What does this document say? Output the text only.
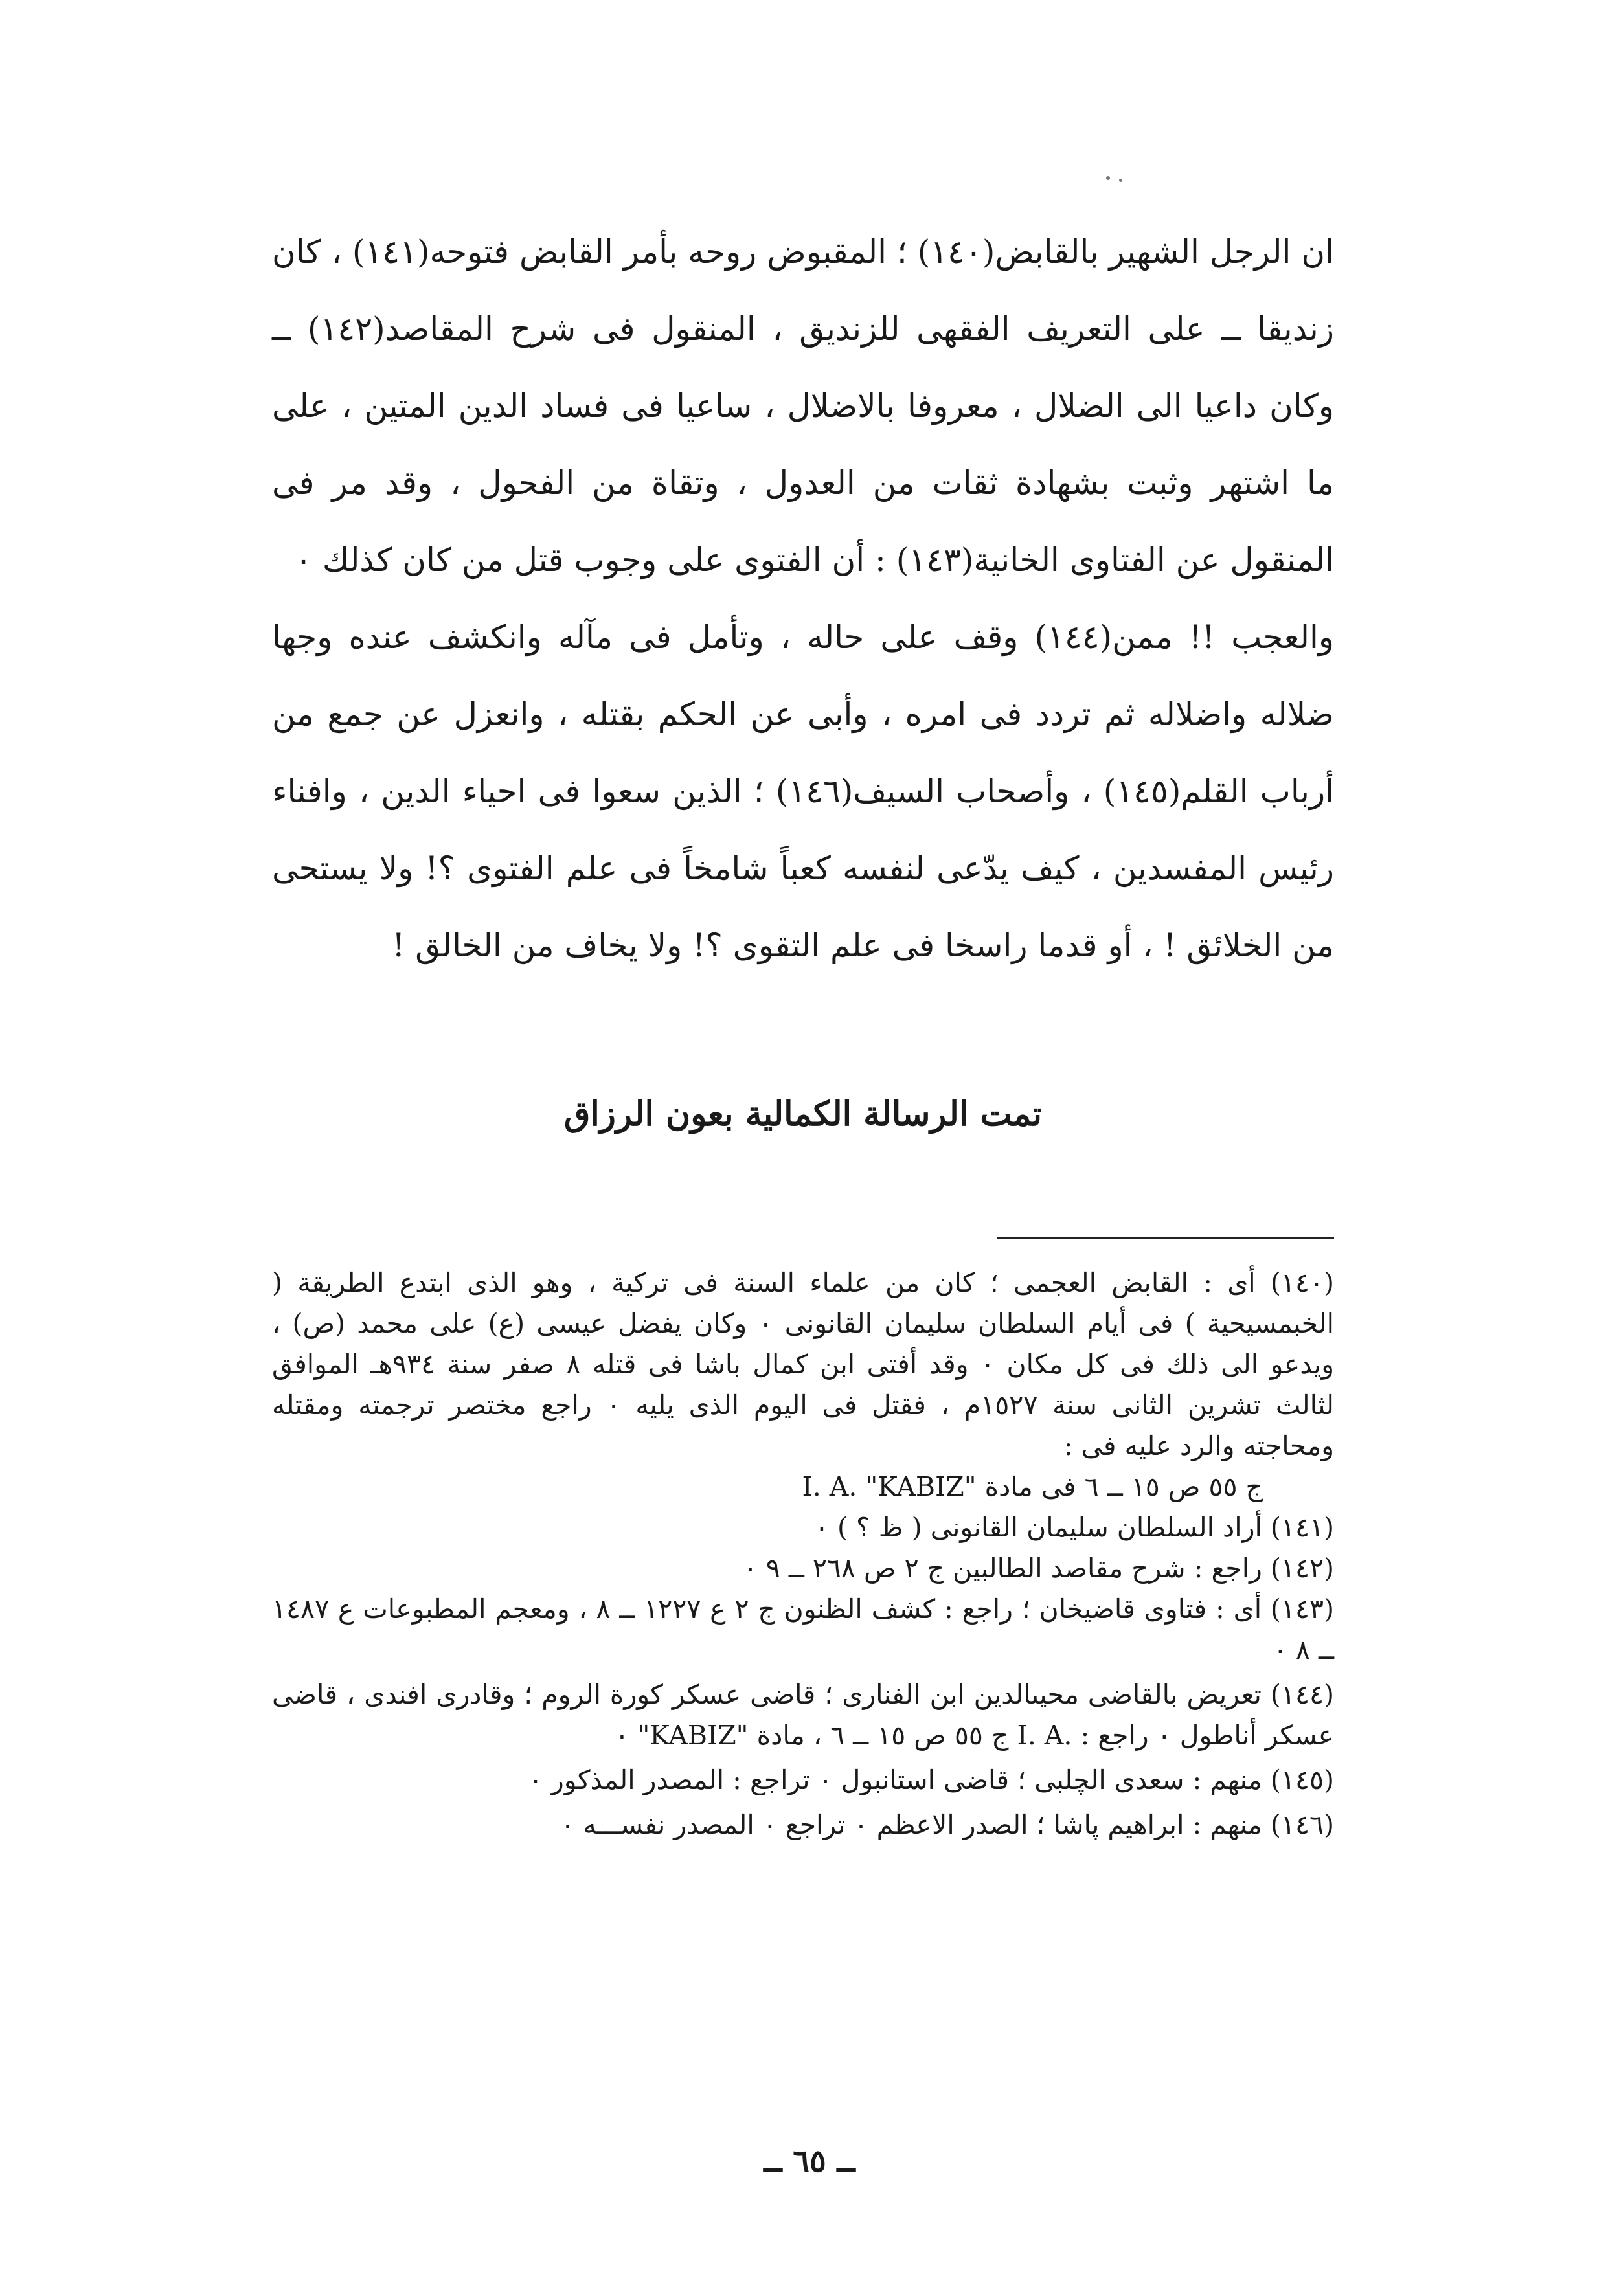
ان الرجل الشهير بالقابض(١٤٠) ؛ المقبوض روحه بأمر القابض فتوحه(١٤١) ، كان زنديقا ــ على التعريف الفقهى للزنديق ، المنقول فى شرح المقاصد(١٤٢) ــ وكان داعيا الى الضلال ، معروفا بالاضلال ، ساعيا فى فساد الدين المتين ، على ما اشتهر وثبت بشهادة ثقات من العدول ، وتقاة من الفحول ، وقد مر فى المنقول عن الفتاوى الخانية(١٤٣) : أن الفتوى على وجوب قتل من كان كذلك ٠

والعجب !! ممن(١٤٤) وقف على حاله ، وتأمل فى مآله وانكشف عنده وجها ضلاله واضلاله ثم تردد فى امره ، وأبى عن الحكم بقتله ، وانعزل عن جمع من أرباب القلم(١٤٥) ، وأصحاب السيف(١٤٦) ؛ الذين سعوا فى احياء الدين ، وافناء رئيس المفسدين ، كيف يدّعى لنفسه كعباً شامخاً فى علم الفتوى ؟! ولا يستحى من الخلائق ! ، أو قدما راسخا فى علم التقوى ؟! ولا يخاف من الخالق !

تمت الرسالة الكمالية بعون الرزاق

(١٤٠) أى : القابض العجمى ؛ كان من علماء السنة فى تركية ، وهو الذى ابتدع الطريقة ( الخبمسيحية ) فى أيام السلطان سليمان القانونى ٠ وكان يفضل عيسى (ع) على محمد (ص) ، ويدعو الى ذلك فى كل مكان ٠ وقد أفتى ابن كمال باشا فى قتله ٨ صفر سنة ٩٣٤هـ الموافق لثالث تشرين الثانى سنة ١٥٢٧م ، فقتل فى اليوم الذى يليه ٠ راجع مختصر ترجمته ومقتله ومحاجته والرد عليه فى :

ج ٥٥ ص ١٥ ــ ٦ فى مادة "KABIZ" I. A.

(١٤١) أراد السلطان سليمان القانونى ( ظ ؟ ) ٠

(١٤٢) راجع : شرح مقاصد الطالبين ج ٢ ص ٢٦٨ ــ ٩ ٠

(١٤٣) أى : فتاوى قاضيخان ؛ راجع : كشف الظنون ج ٢ ع ١٢٢٧ ــ ٨ ، ومعجم المطبوعات ع ١٤٨٧ ــ ٨ ٠

(١٤٤) تعريض بالقاضى محيىالدين ابن الفنارى ؛ قاضى عسكر كورة الروم ؛ وقادرى افندى ، قاضى عسكر أناطول ٠ راجع : I. A. ج ٥٥ ص ١٥ ــ ٦ ، مادة "KABIZ" ٠

(١٤٥) منهم : سعدى الچلبى ؛ قاضى استانبول ٠ تراجع : المصدر المذكور ٠

(١٤٦) منهم : ابراهيم پاشا ؛ الصدر الاعظم ٠ تراجع ٠ المصدر نفســـه ٠

ــ ٦٥ ــ
